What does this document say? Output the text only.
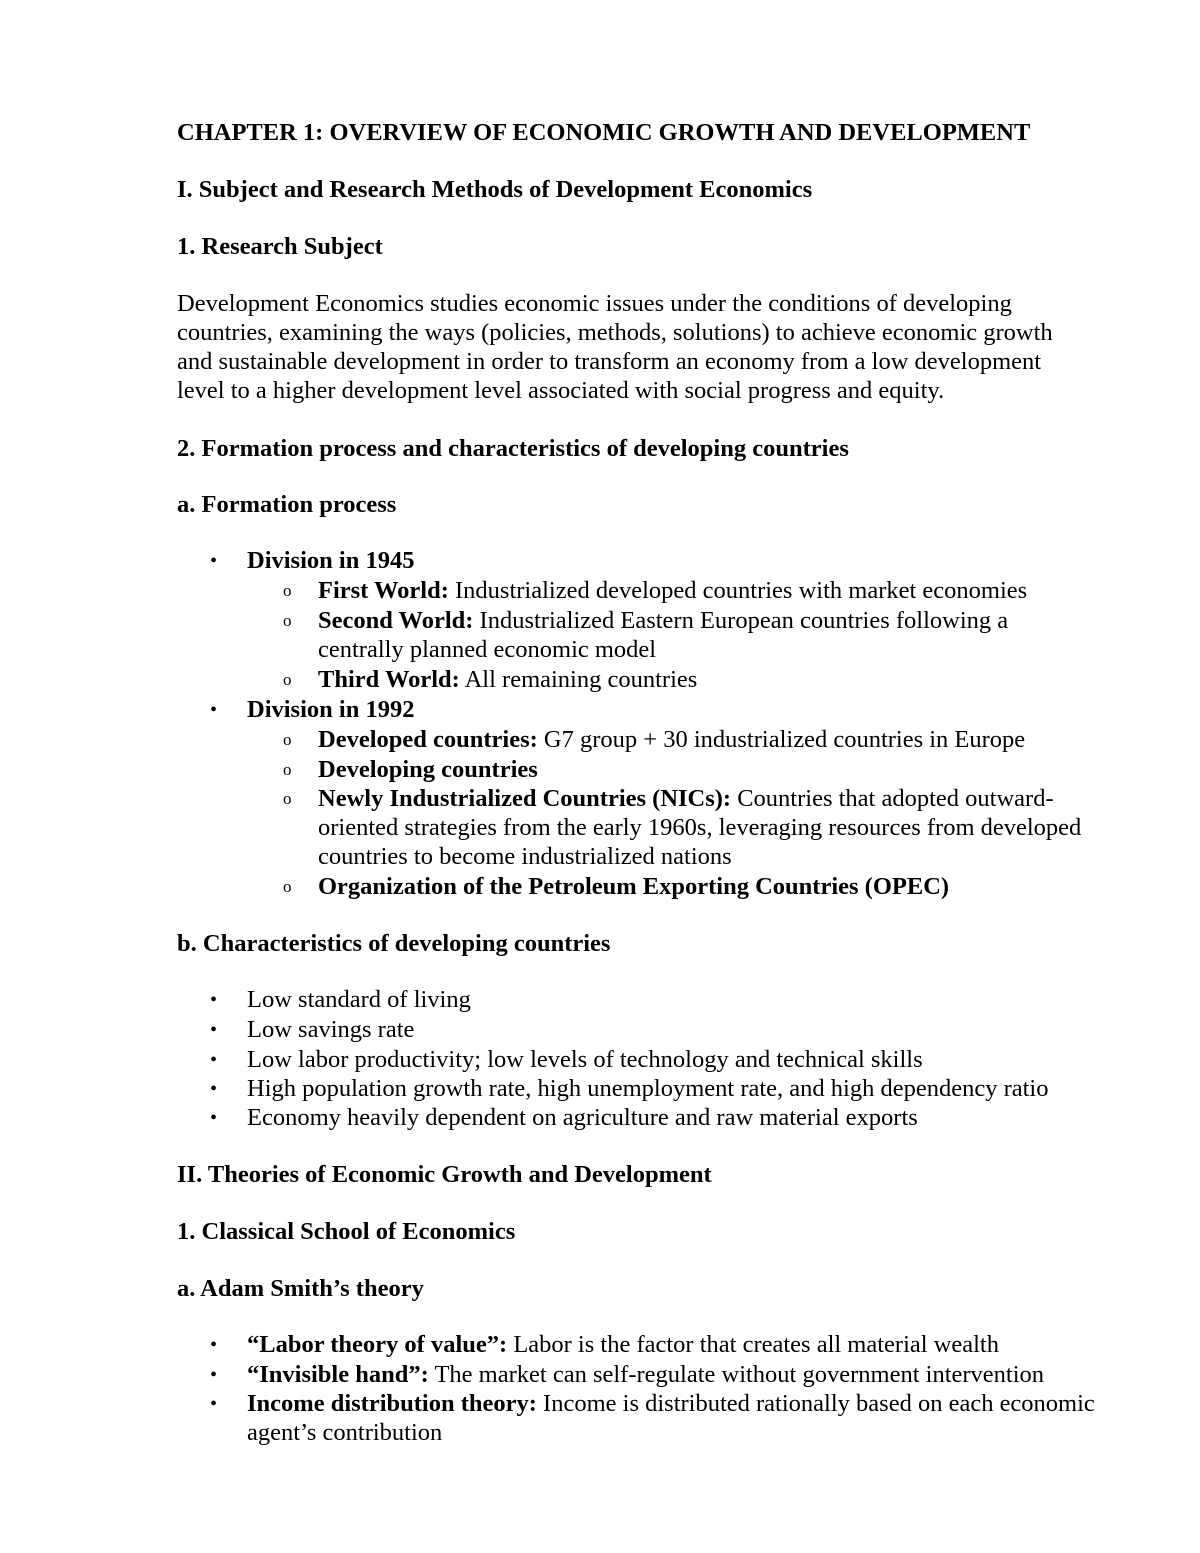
CHAPTER 1: OVERVIEW OF ECONOMIC GROWTH AND DEVELOPMENT
I. Subject and Research Methods of Development Economics
1. Research Subject
Development Economics studies economic issues under the conditions of developing
countries, examining the ways (policies, methods, solutions) to achieve economic growth
and sustainable development in order to transform an economy from a low development
level to a higher development level associated with social progress and equity.
2. Formation process and characteristics of developing countries
a. Formation process
• Division in 1945
o First World: Industrialized developed countries with market economies
o Second World: Industrialized Eastern European countries following a
centrally planned economic model
o Third World: All remaining countries
• Division in 1992
o Developed countries: G7 group + 30 industrialized countries in Europe
o Developing countries
o Newly Industrialized Countries (NICs): Countries that adopted outward-
oriented strategies from the early 1960s, leveraging resources from developed
countries to become industrialized nations
o Organization of the Petroleum Exporting Countries (OPEC)
b. Characteristics of developing countries
• Low standard of living
• Low savings rate
• Low labor productivity; low levels of technology and technical skills
• High population growth rate, high unemployment rate, and high dependency ratio
• Economy heavily dependent on agriculture and raw material exports
II. Theories of Economic Growth and Development
1. Classical School of Economics
a. Adam Smith’s theory
• “Labor theory of value”: Labor is the factor that creates all material wealth
• “Invisible hand”: The market can self-regulate without government intervention
• Income distribution theory: Income is distributed rationally based on each economic
agent’s contribution
